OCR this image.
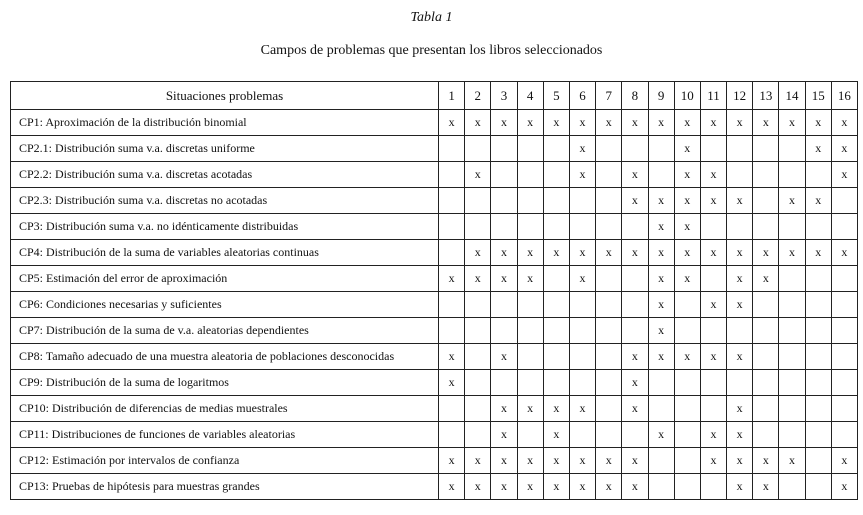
Tabla 1
Campos de problemas que presentan los libros seleccionados
Situaciones problemas	1	2	3	4	5	6	7	8	9	10	11	12	13	14	15	16
CP1: Aproximación de la distribución binomial	x	x	x	x	x	x	x	x	x	x	x	x	x	x	x	x
CP2.1: Distribución suma v.a. discretas uniforme						x				x					x	x
CP2.2: Distribución suma v.a. discretas acotadas		x				x		x		x	x					x
CP2.3: Distribución suma v.a. discretas no acotadas								x	x	x	x	x		x	x	
CP3: Distribución suma v.a. no idénticamente distribuidas									x	x						
CP4: Distribución de la suma de variables aleatorias continuas		x	x	x	x	x	x	x	x	x	x	x	x	x	x	x
CP5: Estimación del error de aproximación	x	x	x	x		x			x	x		x	x			
CP6: Condiciones necesarias y suficientes									x		x	x				
CP7: Distribución de la suma de v.a. aleatorias dependientes									x							
CP8: Tamaño adecuado de una muestra aleatoria de poblaciones desconocidas	x		x					x	x	x	x	x				
CP9: Distribución de la suma de logaritmos	x							x								
CP10: Distribución de diferencias de medias muestrales			x	x	x	x		x				x				
CP11: Distribuciones de funciones de variables aleatorias			x		x				x		x	x				
CP12: Estimación por intervalos de confianza	x	x	x	x	x	x	x	x			x	x	x	x		x
CP13: Pruebas de hipótesis para muestras grandes	x	x	x	x	x	x	x	x				x	x			x
